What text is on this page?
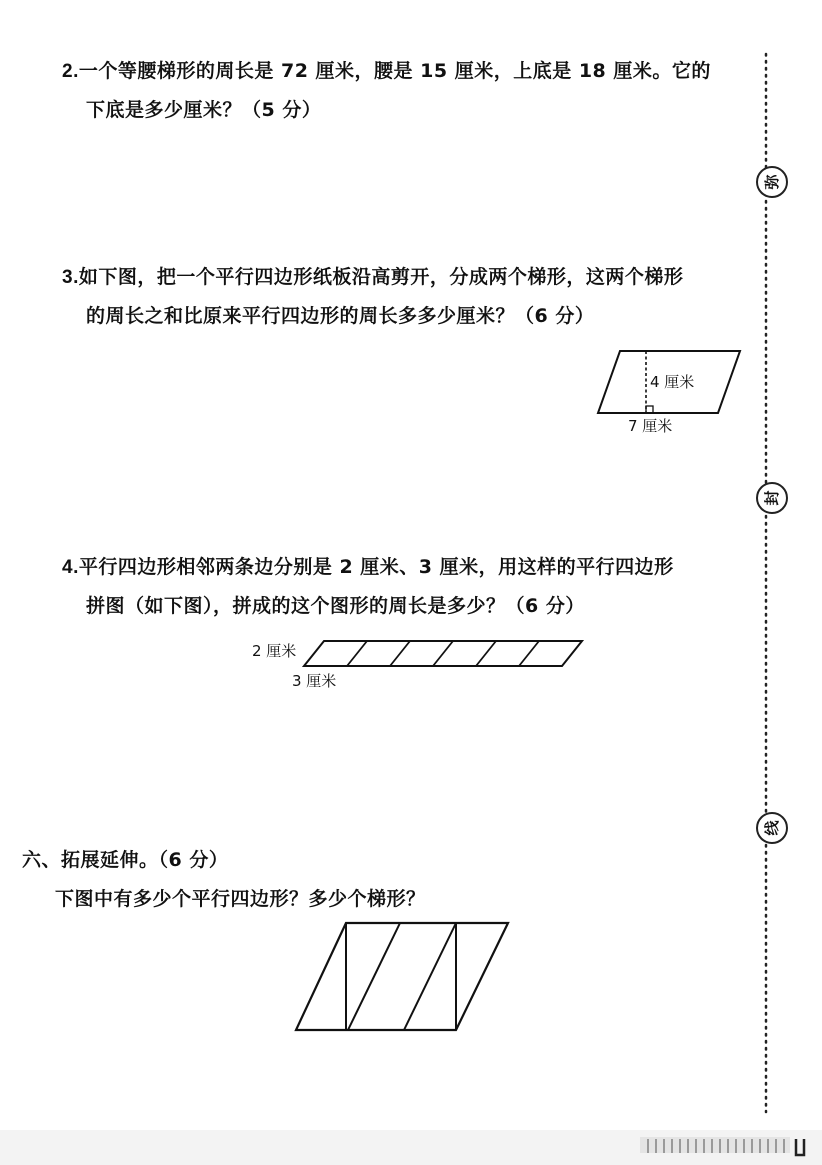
2.一个等腰梯形的周长是 72 厘米，腰是 15 厘米，上底是 18 厘米。它的
下底是多少厘米？（5 分）
3.如下图，把一个平行四边形纸板沿高剪开，分成两个梯形，这两个梯形
的周长之和比原来平行四边形的周长多多少厘米？（6 分）
4 厘米
7 厘米
4.平行四边形相邻两条边分别是 2 厘米、3 厘米，用这样的平行四边形
拼图（如下图），拼成的这个图形的周长是多少？（6 分）
2 厘米
3 厘米
六、拓展延伸。（6 分）
下图中有多少个平行四边形？多少个梯形？
弥
封
线
